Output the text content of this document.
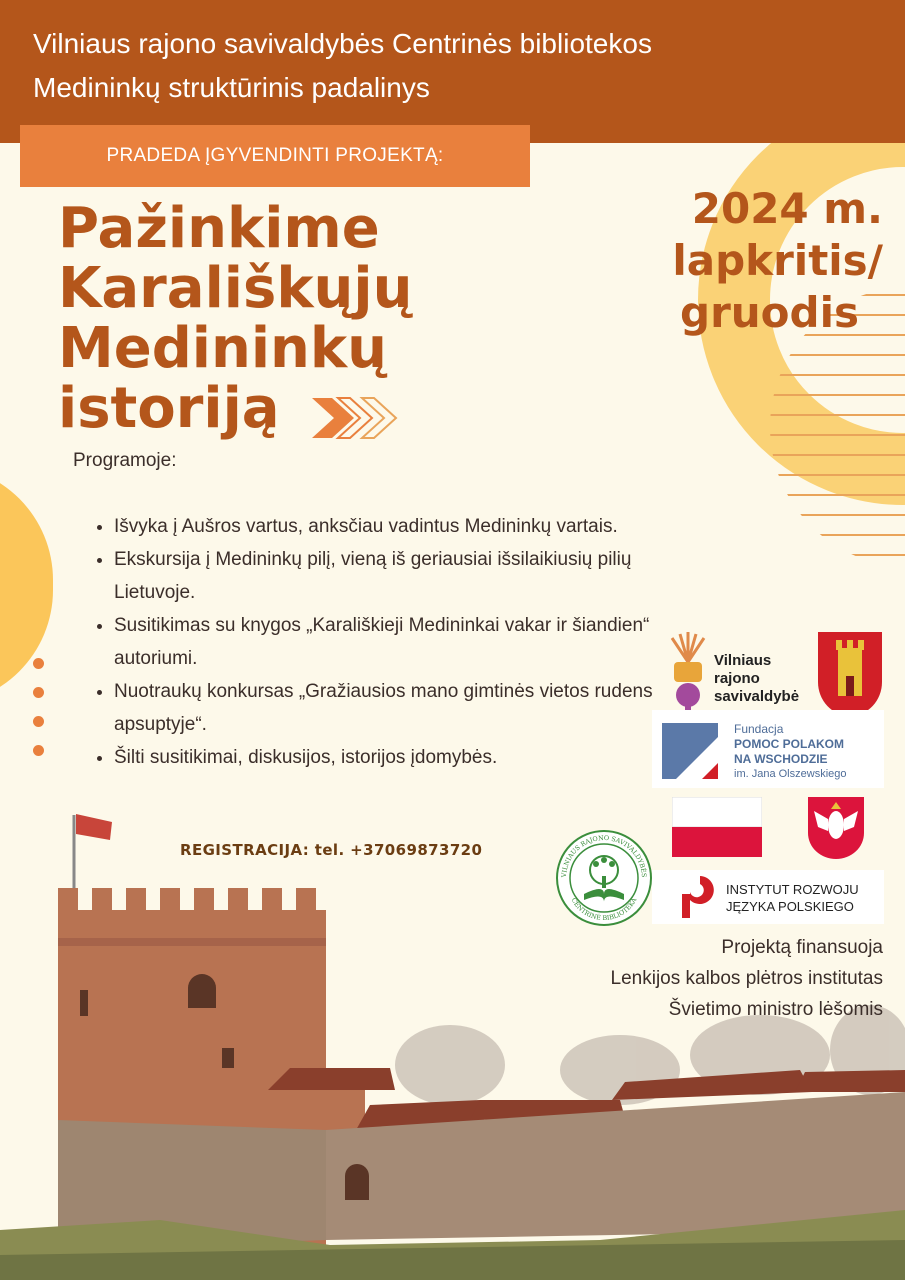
Vilniaus rajono savivaldybės Centrinės bibliotekos
Medininkų struktūrinis padalinys
PRADEDA ĮGYVENDINTI PROJEKTĄ:
Pažinkime
Karališkųjų
Medininkų
istoriją
2024 m.
lapkritis/
gruodis
Programoje:
• Išvyka į Aušros vartus, anksčiau vadintus Medininkų vartais.
• Ekskursija į Medininkų pilį, vieną iš geriausiai išsilaikiusių pilių Lietuvoje.
• Susitikimas su knygos „Karališkieji Medininkai vakar ir šiandien“ autoriumi.
• Nuotraukų konkursas „Gražiausios mano gimtinės vietos rudens apsuptyje“.
• Šilti susitikimai, diskusijos, istorijos įdomybės.
REGISTRACIJA: tel. +37069873720
Vilniaus
rajono
savivaldybė
Fundacja
POMOC POLAKOM
NA WSCHODZIE
im. Jana Olszewskiego
INSTYTUT ROZWOJU
JĘZYKA POLSKIEGO
VILNIAUS RAJONO SAVIVALDYBĖS
CENTRINĖ BIBLIOTEKA
Projektą finansuoja
Lenkijos kalbos plėtros institutas
Švietimo ministro lėšomis
